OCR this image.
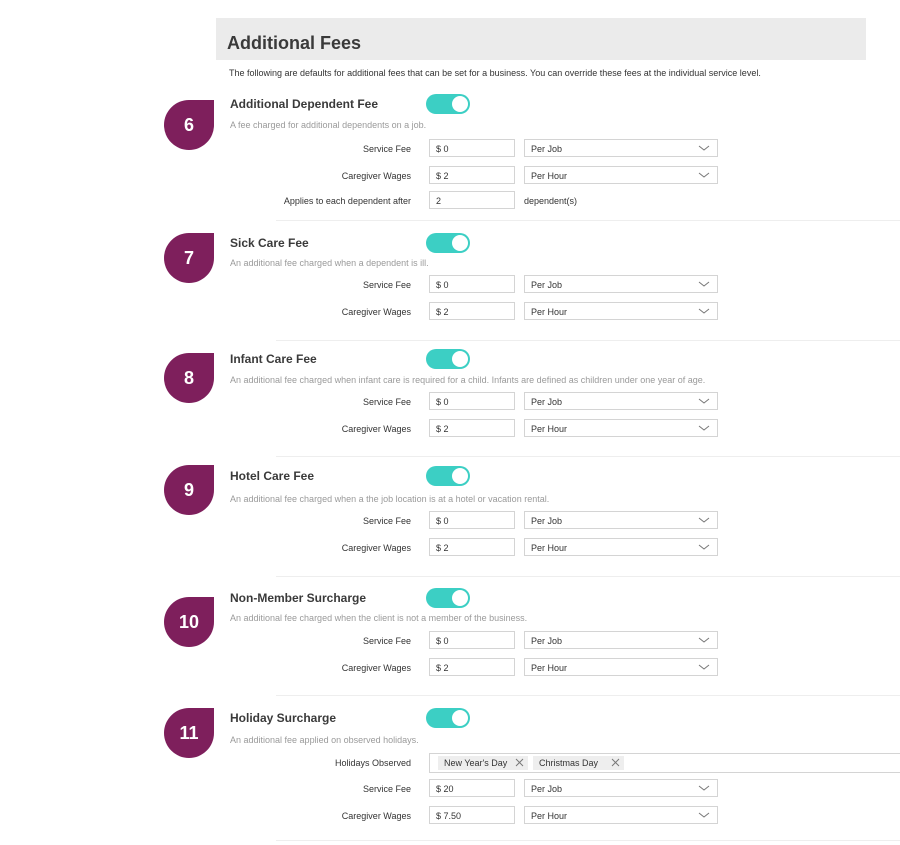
Additional Fees
The following are defaults for additional fees that can be set for a business. You can override these fees at the individual service level.
6
Additional Dependent Fee
A fee charged for additional dependents on a job.
Service Fee	$ 0	Per Job
Caregiver Wages	$ 2	Per Hour
Applies to each dependent after	2	dependent(s)
7
Sick Care Fee
An additional fee charged when a dependent is ill.
Service Fee	$ 0	Per Job
Caregiver Wages	$ 2	Per Hour
8
Infant Care Fee
An additional fee charged when infant care is required for a child. Infants are defined as children under one year of age.
Service Fee	$ 0	Per Job
Caregiver Wages	$ 2	Per Hour
9
Hotel Care Fee
An additional fee charged when a the job location is at a hotel or vacation rental.
Service Fee	$ 0	Per Job
Caregiver Wages	$ 2	Per Hour
10
Non-Member Surcharge
An additional fee charged when the client is not a member of the business.
Service Fee	$ 0	Per Job
Caregiver Wages	$ 2	Per Hour
11
Holiday Surcharge
An additional fee applied on observed holidays.
Holidays Observed	New Year's Day	Christmas Day
Service Fee	$ 20	Per Job
Caregiver Wages	$ 7.50	Per Hour
